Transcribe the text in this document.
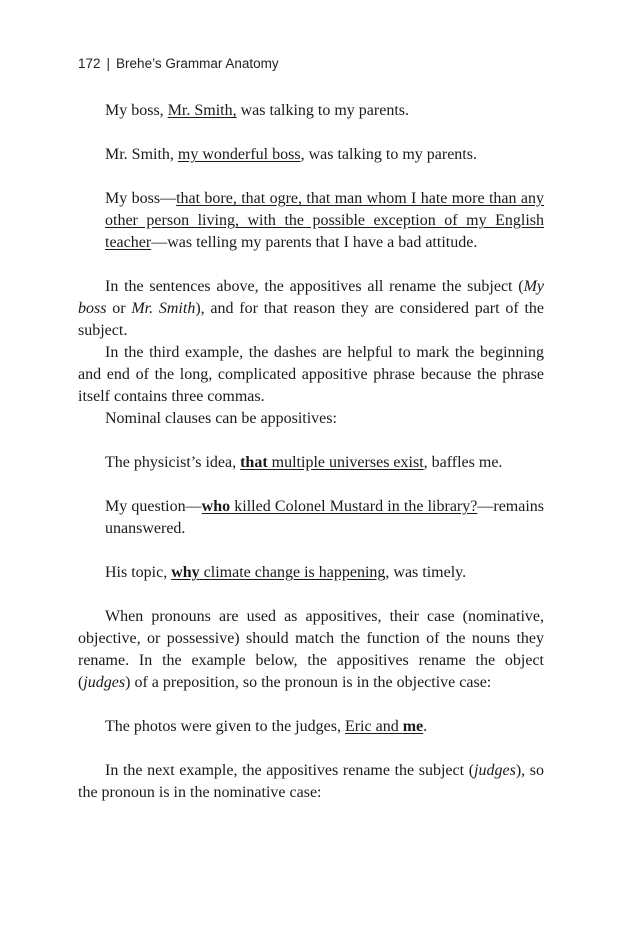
172 | Brehe’s Grammar Anatomy

My boss, Mr. Smith, was talking to my parents.

Mr. Smith, my wonderful boss, was talking to my parents.

My boss—that bore, that ogre, that man whom I hate more than any other person living, with the possible exception of my English teacher—was telling my parents that I have a bad attitude.

In the sentences above, the appositives all rename the subject (My boss or Mr. Smith), and for that reason they are considered part of the subject.

In the third example, the dashes are helpful to mark the beginning and end of the long, complicated appositive phrase because the phrase itself contains three commas.

Nominal clauses can be appositives:

The physicist’s idea, that multiple universes exist, baffles me.

My question—who killed Colonel Mustard in the library?—remains unanswered.

His topic, why climate change is happening, was timely.

When pronouns are used as appositives, their case (nominative, objective, or possessive) should match the function of the nouns they rename. In the example below, the appositives rename the object (judges) of a preposition, so the pronoun is in the objective case:

The photos were given to the judges, Eric and me.

In the next example, the appositives rename the subject (judges), so the pronoun is in the nominative case:
